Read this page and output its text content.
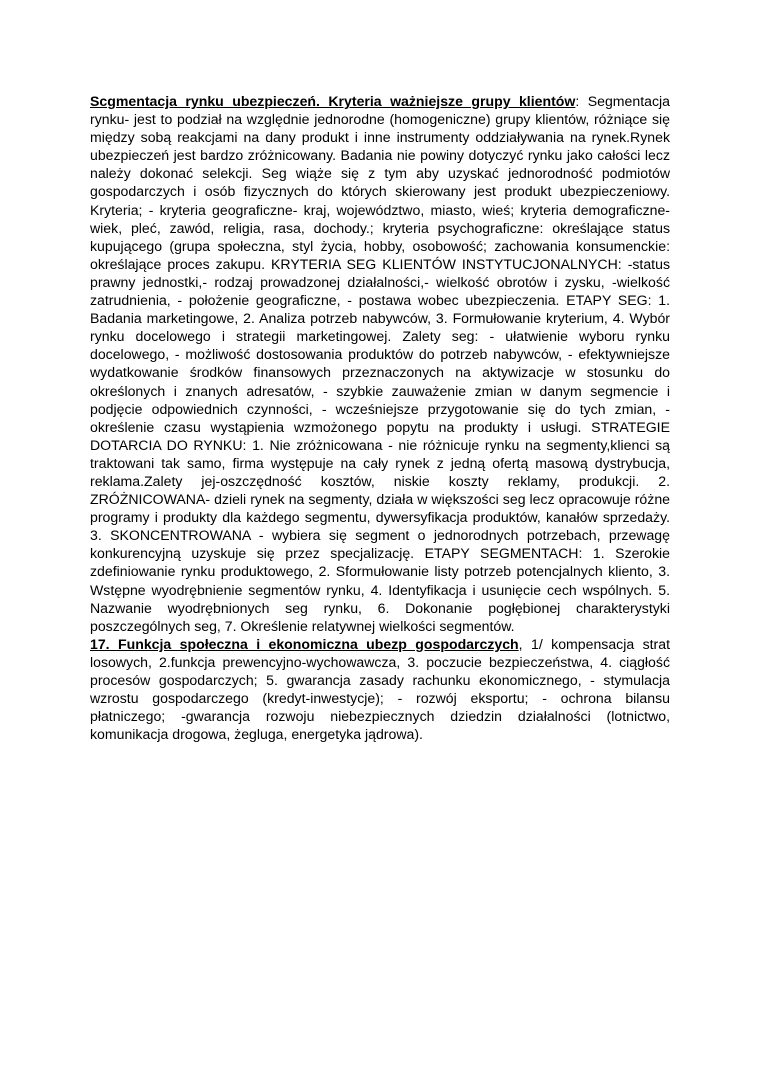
Scgmentacja rynku ubezpieczeń. Kryteria ważniejsze grupy klientów: Segmentacja rynku- jest to podział na względnie jednorodne (homogeniczne) grupy klientów, różniące się między sobą reakcjami na dany produkt i inne instrumenty oddziaływania na rynek.Rynek ubezpieczeń jest bardzo zróżnicowany. Badania nie powiny dotyczyć rynku jako całości lecz należy dokonać selekcji. Seg wiąże się z tym aby uzyskać jednorodność podmiotów gospodarczych i osób fizycznych do których skierowany jest produkt ubezpieczeniowy. Kryteria; - kryteria geograficzne- kraj, województwo, miasto, wieś; kryteria demograficzne-wiek, pleć, zawód, religia, rasa, dochody.; kryteria psychograficzne: określające status kupującego (grupa społeczna, styl życia, hobby, osobowość; zachowania konsumenckie: określające proces zakupu. KRYTERIA SEG KLIENTÓW INSTYTUCJONALNYCH: -status prawny jednostki,- rodzaj prowadzonej działalności,- wielkość obrotów i zysku, -wielkość zatrudnienia, - położenie geograficzne, - postawa wobec ubezpieczenia. ETAPY SEG: 1. Badania marketingowe, 2. Analiza potrzeb nabywców, 3. Formułowanie kryterium, 4. Wybór rynku docelowego i strategii marketingowej. Zalety seg: - ułatwienie wyboru rynku docelowego, - możliwość dostosowania produktów do potrzeb nabywców, - efektywniejsze wydatkowanie środków finansowych przeznaczonych na aktywizacje w stosunku do określonych i znanych adresatów, - szybkie zauważenie zmian w danym segmencie i podjęcie odpowiednich czynności, - wcześniejsze przygotowanie się do tych zmian, - określenie czasu wystąpienia wzmożonego popytu na produkty i usługi. STRATEGIE DOTARCIA DO RYNKU: 1. Nie zróżnicowana - nie różnicuje rynku na segmenty,klienci są traktowani tak samo, firma występuje na cały rynek z jedną ofertą masową dystrybucja, reklama.Zalety jej-oszczędność kosztów, niskie koszty reklamy, produkcji. 2. ZRÓŻNICOWANA- dzieli rynek na segmenty, działa w większości seg lecz opracowuje różne programy i produkty dla każdego segmentu, dywersyfikacja produktów, kanałów sprzedaży. 3. SKONCENTROWANA - wybiera się segment o jednorodnych potrzebach, przewagę konkurencyjną uzyskuje się przez specjalizację. ETAPY SEGMENTACH: 1. Szerokie zdefiniowanie rynku produktowego, 2. Sformułowanie listy potrzeb potencjalnych kliento, 3. Wstępne wyodrębnienie segmentów rynku, 4. Identyfikacja i usunięcie cech wspólnych. 5. Nazwanie wyodrębnionych seg rynku, 6. Dokonanie pogłębionej charakterystyki poszczególnych seg, 7. Określenie relatywnej wielkości segmentów.

17. Funkcja społeczna i ekonomiczna ubezp gospodarczych, 1/ kompensacja strat losowych, 2.funkcja prewencyjno-wychowawcza, 3. poczucie bezpieczeństwa, 4. ciągłość procesów gospodarczych; 5. gwarancja zasady rachunku ekonomicznego, - stymulacja wzrostu gospodarczego (kredyt-inwestycje); - rozwój eksportu; - ochrona bilansu płatniczego; -gwarancja rozwoju niebezpiecznych dziedzin działalności (lotnictwo, komunikacja drogowa, żegluga, energetyka jądrowa).
